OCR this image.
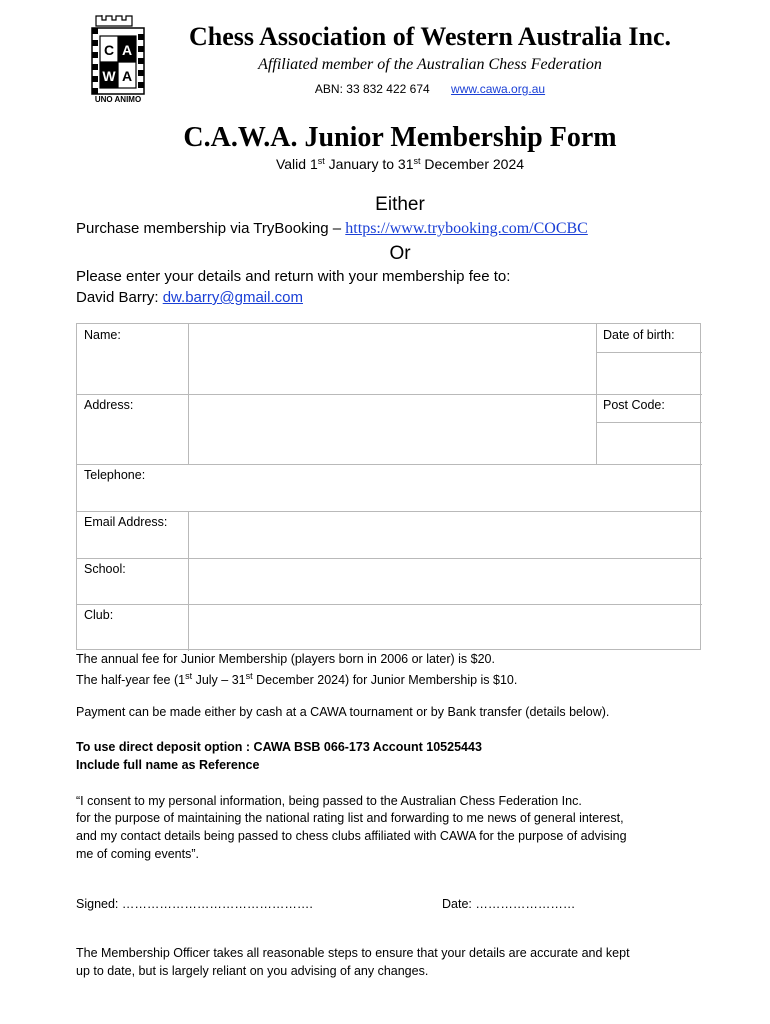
C A
W A
UNO ANIMO
Chess Association of Western Australia Inc.
Affiliated member of the Australian Chess Federation
ABN: 33 832 422 674 www.cawa.org.au
C.A.W.A. Junior Membership Form
Valid 1st January to 31st December 2024
Either
Purchase membership via TryBooking – https://www.trybooking.com/COCBC
Or
Please enter your details and return with your membership fee to:
David Barry: dw.barry@gmail.com
Name:	Date of birth:
Address:	Post Code:
Telephone:
Email Address:
School:
Club:
The annual fee for Junior Membership (players born in 2006 or later) is $20.
The half-year fee (1st July – 31st December 2024) for Junior Membership is $10.
Payment can be made either by cash at a CAWA tournament or by Bank transfer (details below).
To use direct deposit option : CAWA BSB 066-173 Account 10525443
Include full name as Reference
“I consent to my personal information, being passed to the Australian Chess Federation Inc.
for the purpose of maintaining the national rating list and forwarding to me news of general interest,
and my contact details being passed to chess clubs affiliated with CAWA for the purpose of advising
me of coming events”.
Signed: ……………………………………….	Date: ……………………
The Membership Officer takes all reasonable steps to ensure that your details are accurate and kept
up to date, but is largely reliant on you advising of any changes.
